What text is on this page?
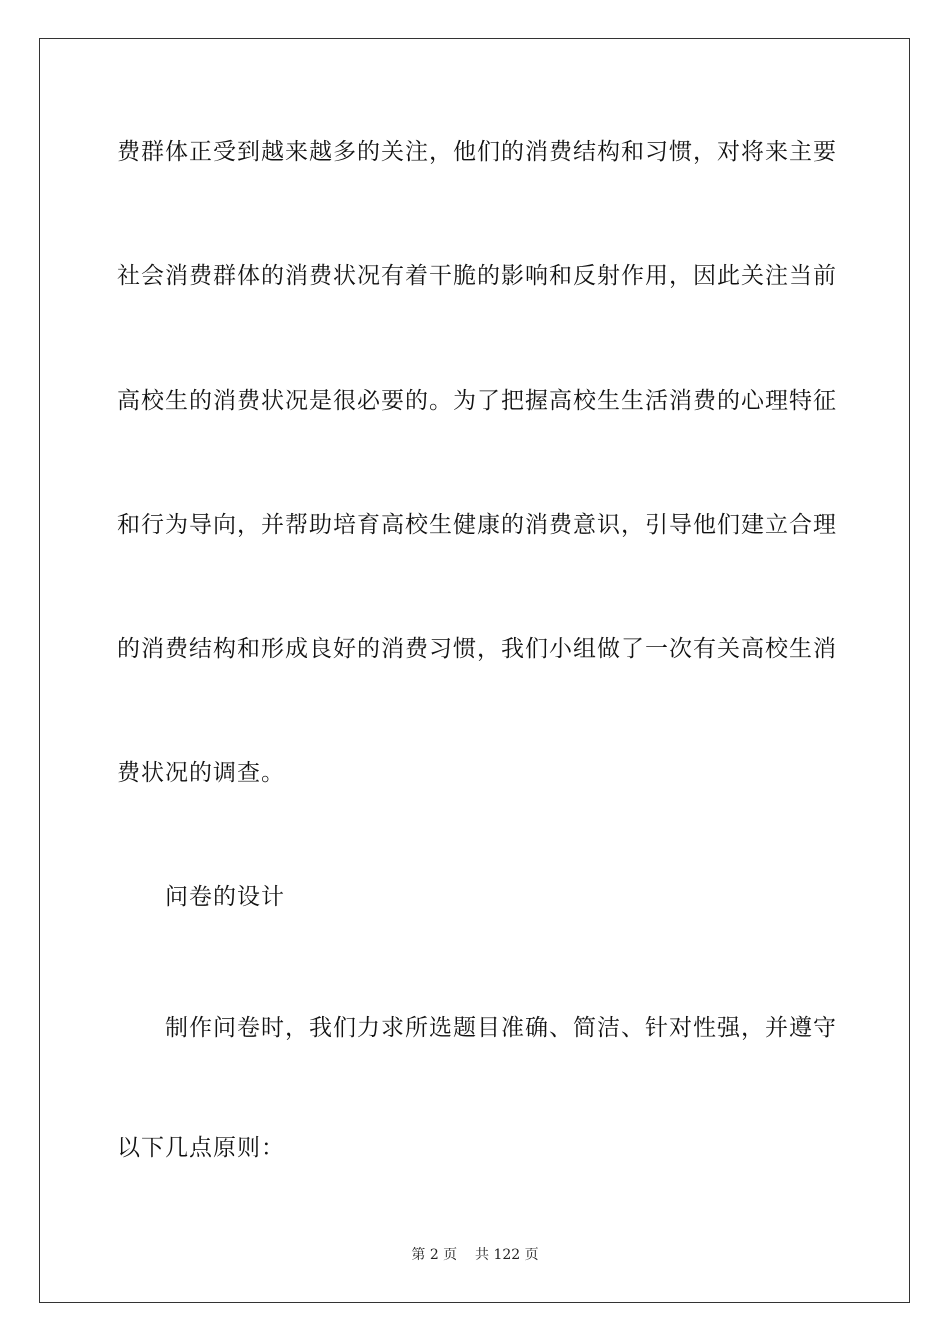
费群体正受到越来越多的关注，他们的消费结构和习惯，对将来主要
社会消费群体的消费状况有着干脆的影响和反射作用，因此关注当前
高校生的消费状况是很必要的。为了把握高校生生活消费的心理特征
和行为导向，并帮助培育高校生健康的消费意识，引导他们建立合理
的消费结构和形成良好的消费习惯，我们小组做了一次有关高校生消
费状况的调查。
问卷的设计
制作问卷时，我们力求所选题目准确、简洁、针对性强，并遵守
以下几点原则：
第 2 页 共 122 页
